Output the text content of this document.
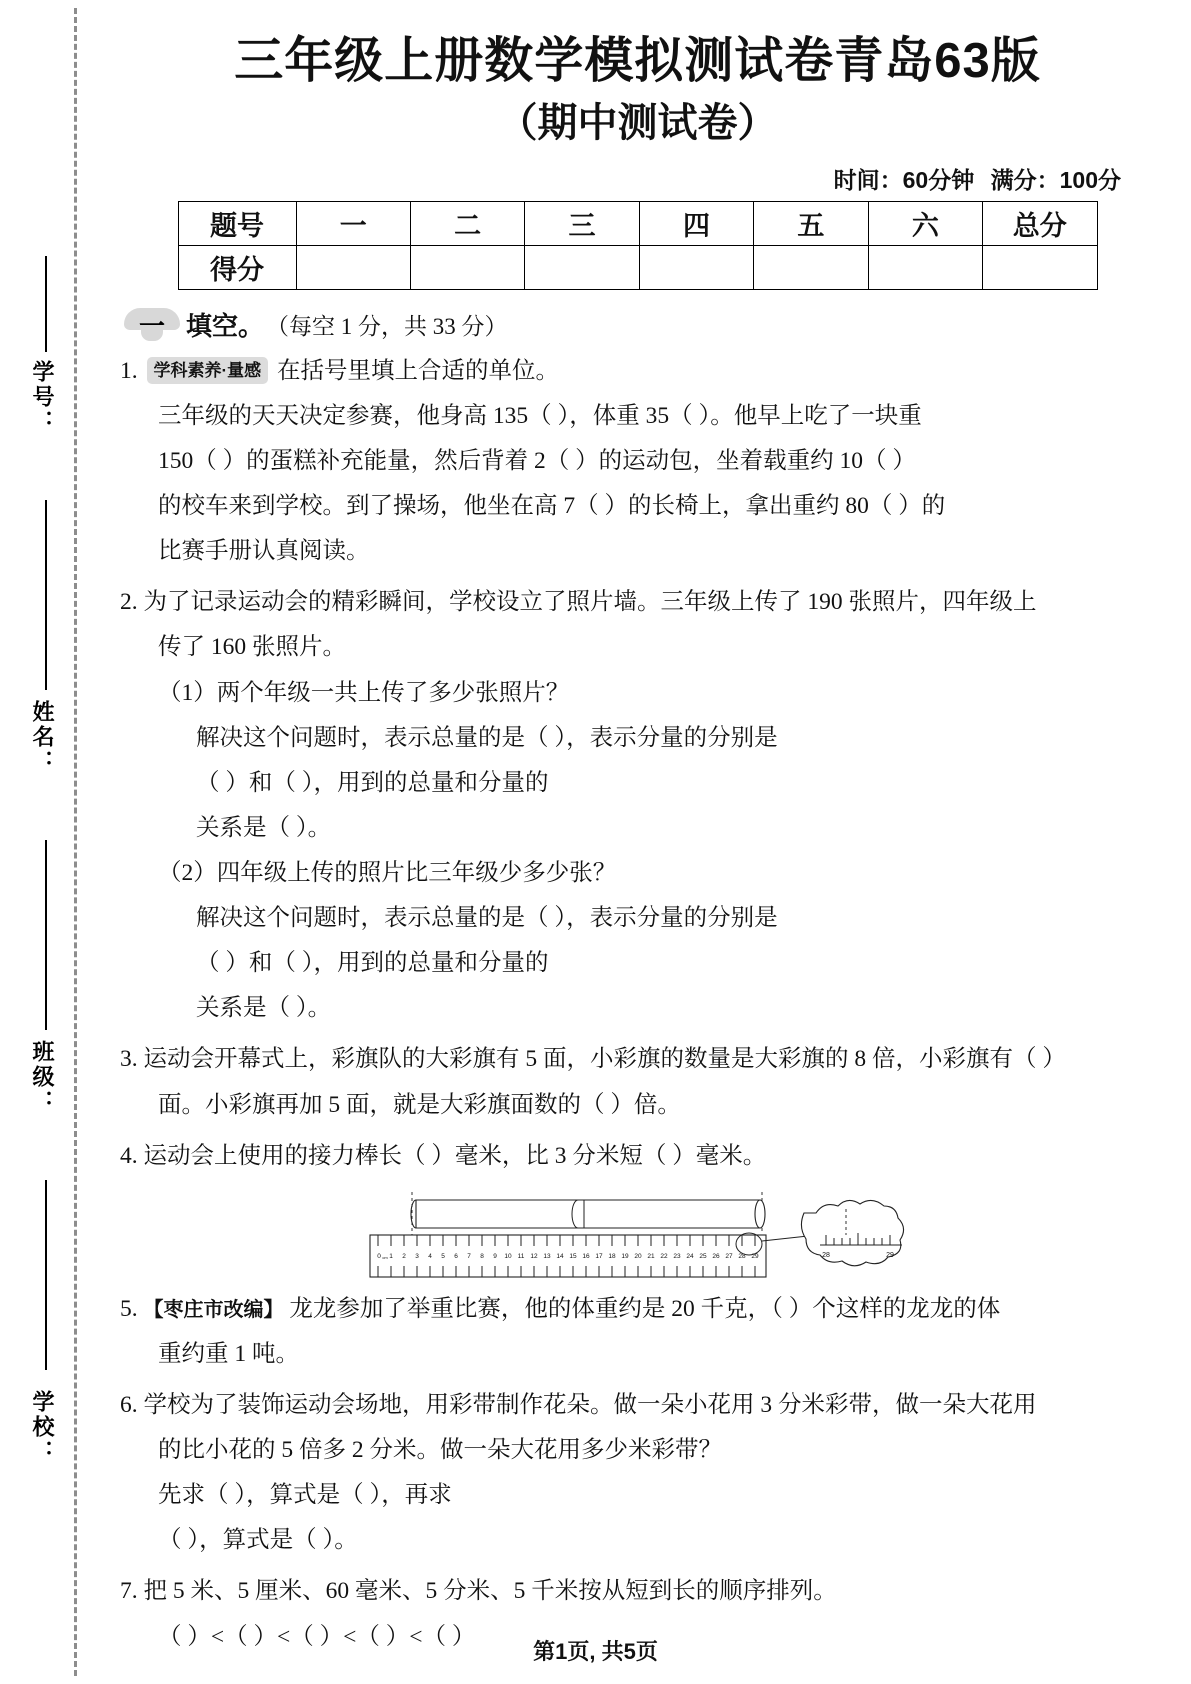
学号：
姓名：
班级：
学校：
三年级上册数学模拟测试卷青岛63版
（期中测试卷）
时间：60分钟 满分：100分
题号	一	二	三	四	五	六	总分
得分							
一 填空。 （每空 1 分，共 33 分）
1. 学科素养·量感 在括号里填上合适的单位。
三年级的天天决定参赛，他身高 135（ ），体重 35（ ）。他早上吃了一块重
150（ ）的蛋糕补充能量，然后背着 2（ ）的运动包，坐着载重约 10（ ）
的校车来到学校。到了操场，他坐在高 7（ ）的长椅上，拿出重约 80（ ）的
比赛手册认真阅读。
2. 为了记录运动会的精彩瞬间，学校设立了照片墙。三年级上传了 190 张照片，四年级上
传了 160 张照片。
（1）两个年级一共上传了多少张照片？
解决这个问题时，表示总量的是（ ），表示分量的分别是
（ ）和（ ），用到的总量和分量的
关系是（ ）。
（2）四年级上传的照片比三年级少多少张？
解决这个问题时，表示总量的是（ ），表示分量的分别是
（ ）和（ ），用到的总量和分量的
关系是（ ）。
3. 运动会开幕式上，彩旗队的大彩旗有 5 面，小彩旗的数量是大彩旗的 8 倍，小彩旗有（ ）
面。小彩旗再加 5 面，就是大彩旗面数的（ ）倍。
4. 运动会上使用的接力棒长（ ）毫米，比 3 分米短（ ）毫米。
0 cm 1 2 3 4 5 6 7 8 9 10 11 12 13 14 15 16 17 18 19 20 21 22 23 24 25 26 27 28 29	28	29
5. 【枣庄市改编】 龙龙参加了举重比赛，他的体重约是 20 千克，（ ）个这样的龙龙的体
重约重 1 吨。
6. 学校为了装饰运动会场地，用彩带制作花朵。做一朵小花用 3 分米彩带，做一朵大花用
的比小花的 5 倍多 2 分米。做一朵大花用多少米彩带？
先求（ ），算式是（ ），再求
（ ），算式是（ ）。
7. 把 5 米、5 厘米、60 毫米、5 分米、5 千米按从短到长的顺序排列。
（ ）<（ ）<（ ）<（ ）<（ ）
第1页, 共5页
